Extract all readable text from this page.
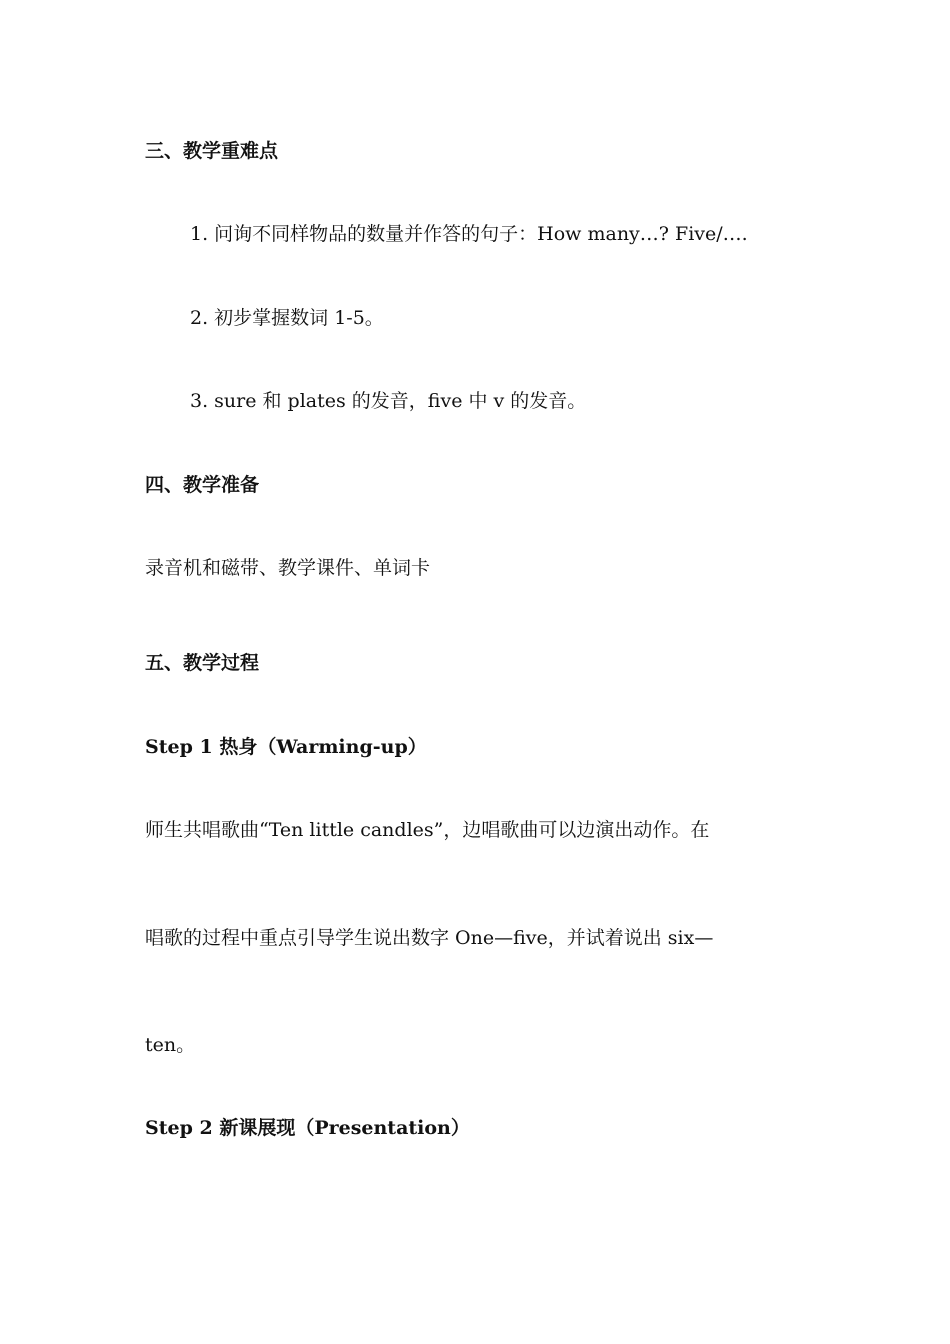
三、教学重难点
1. 问询不同样物品的数量并作答的句子：How many…? Five/….
2. 初步掌握数词 1-5。
3. sure 和 plates 的发音，five 中 v 的发音。
四、教学准备
录音机和磁带、教学课件、单词卡
五、教学过程
Step 1 热身（Warming-up）
师生共唱歌曲“Ten little candles”，边唱歌曲可以边演出动作。在
唱歌的过程中重点引导学生说出数字 One—five，并试着说出 six—
ten。
Step 2 新课展现（Presentation）
